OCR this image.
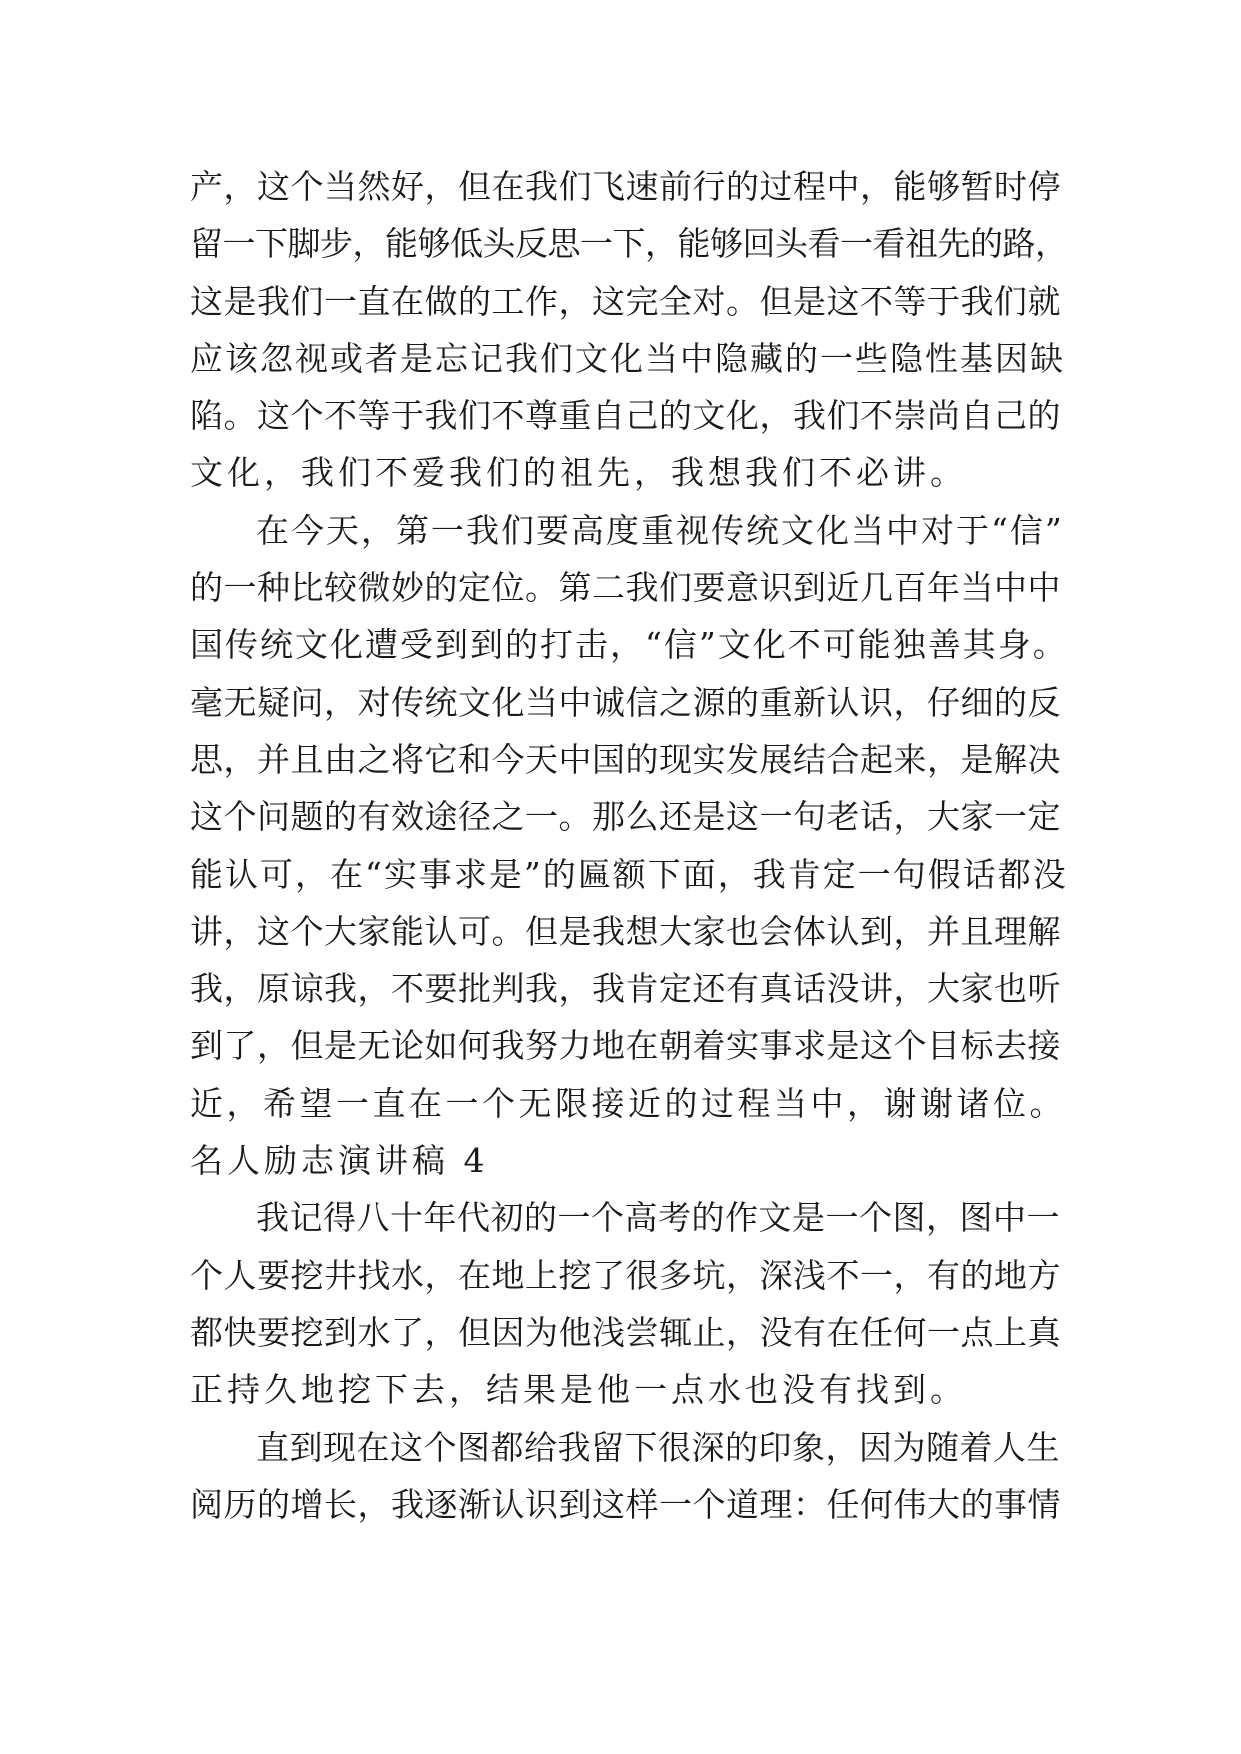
产，这个当然好，但在我们飞速前行的过程中，能够暂时停
留一下脚步，能够低头反思一下，能够回头看一看祖先的路，
这是我们一直在做的工作，这完全对。但是这不等于我们就
应该忽视或者是忘记我们文化当中隐藏的一些隐性基因缺
陷。这个不等于我们不尊重自己的文化，我们不崇尚自己的
文化，我们不爱我们的祖先，我想我们不必讲。
在今天，第一我们要高度重视传统文化当中对于“信”
的一种比较微妙的定位。第二我们要意识到近几百年当中中
国传统文化遭受到到的打击，“信”文化不可能独善其身。
毫无疑问，对传统文化当中诚信之源的重新认识，仔细的反
思，并且由之将它和今天中国的现实发展结合起来，是解决
这个问题的有效途径之一。那么还是这一句老话，大家一定
能认可，在“实事求是”的匾额下面，我肯定一句假话都没
讲，这个大家能认可。但是我想大家也会体认到，并且理解
我，原谅我，不要批判我，我肯定还有真话没讲，大家也听
到了，但是无论如何我努力地在朝着实事求是这个目标去接
近，希望一直在一个无限接近的过程当中，谢谢诸位。
名人励志演讲稿 4
我记得八十年代初的一个高考的作文是一个图，图中一
个人要挖井找水，在地上挖了很多坑，深浅不一，有的地方
都快要挖到水了，但因为他浅尝辄止，没有在任何一点上真
正持久地挖下去，结果是他一点水也没有找到。
直到现在这个图都给我留下很深的印象，因为随着人生
阅历的增长，我逐渐认识到这样一个道理：任何伟大的事情
